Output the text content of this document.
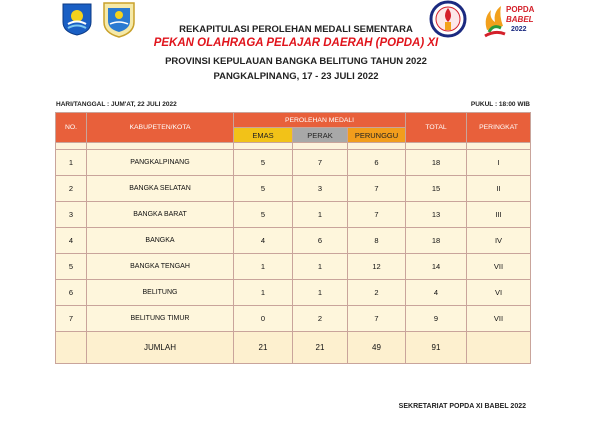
POPDA
BABEL
2022
REKAPITULASI PEROLEHAN MEDALI SEMENTARA
PEKAN OLAHRAGA PELAJAR DAERAH (POPDA) XI
PROVINSI KEPULAUAN BANGKA BELITUNG TAHUN 2022
PANGKALPINANG, 17 - 23 JULI 2022
HARI/TANGGAL : JUM'AT, 22 JULI 2022	PUKUL : 18:00 WIB
NO.	KABUPETEN/KOTA	PEROLEHAN MEDALI			TOTAL	PERINGKAT
		EMAS	PERAK	PERUNGGU		

1	PANGKALPINANG	5	7	6	18	I
2	BANGKA SELATAN	5	3	7	15	II
3	BANGKA BARAT	5	1	7	13	III
4	BANGKA	4	6	8	18	IV
5	BANGKA TENGAH	1	1	12	14	VII
6	BELITUNG	1	1	2	4	VI
7	BELITUNG TIMUR	0	2	7	9	VII
	JUMLAH	21	21	49	91	
SEKRETARIAT POPDA XI BABEL 2022
